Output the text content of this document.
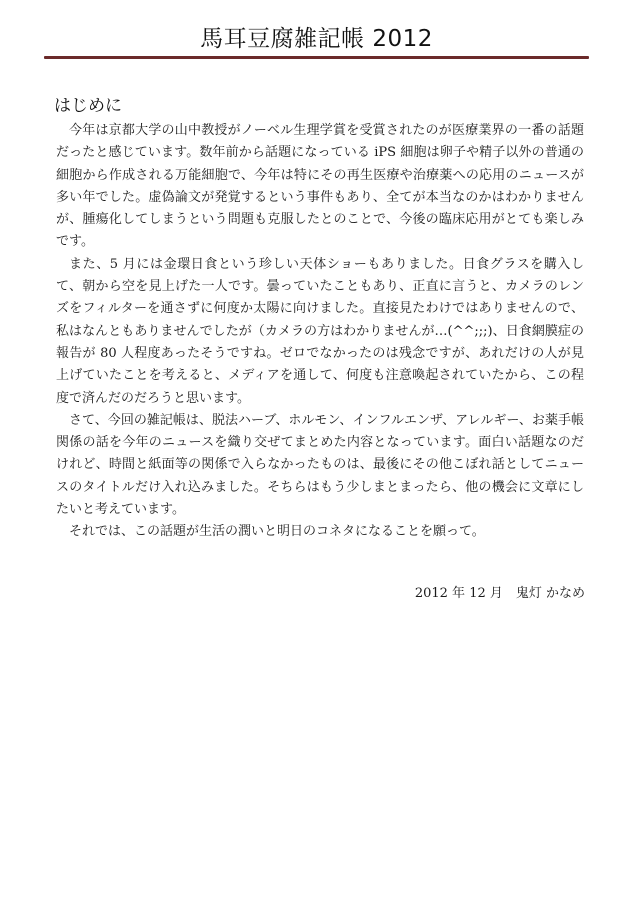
馬耳豆腐雑記帳 2012
はじめに

今年は京都大学の山中教授がノーベル生理学賞を受賞されたのが医療業界の一番の話題だったと感じています。数年前から話題になっている iPS 細胞は卵子や精子以外の普通の細胞から作成される万能細胞で、今年は特にその再生医療や治療薬への応用のニュースが多い年でした。虚偽論文が発覚するという事件もあり、全てが本当なのかはわかりませんが、腫瘍化してしまうという問題も克服したとのことで、今後の臨床応用がとても楽しみです。

また、5 月には金環日食という珍しい天体ショーもありました。日食グラスを購入して、朝から空を見上げた一人です。曇っていたこともあり、正直に言うと、カメラのレンズをフィルターを通さずに何度か太陽に向けました。直接見たわけではありませんので、私はなんともありませんでしたが（カメラの方はわかりませんが…(^^;;;)、日食網膜症の報告が 80 人程度あったそうですね。ゼロでなかったのは残念ですが、あれだけの人が見上げていたことを考えると、メディアを通して、何度も注意喚起されていたから、この程度で済んだのだろうと思います。

さて、今回の雑記帳は、脱法ハーブ、ホルモン、インフルエンザ、アレルギー、お薬手帳関係の話を今年のニュースを織り交ぜてまとめた内容となっています。面白い話題なのだけれど、時間と紙面等の関係で入らなかったものは、最後にその他こぼれ話としてニュースのタイトルだけ入れ込みました。そちらはもう少しまとまったら、他の機会に文章にしたいと考えています。

それでは、この話題が生活の潤いと明日のコネタになることを願って。

2012 年 12 月　鬼灯 かなめ
